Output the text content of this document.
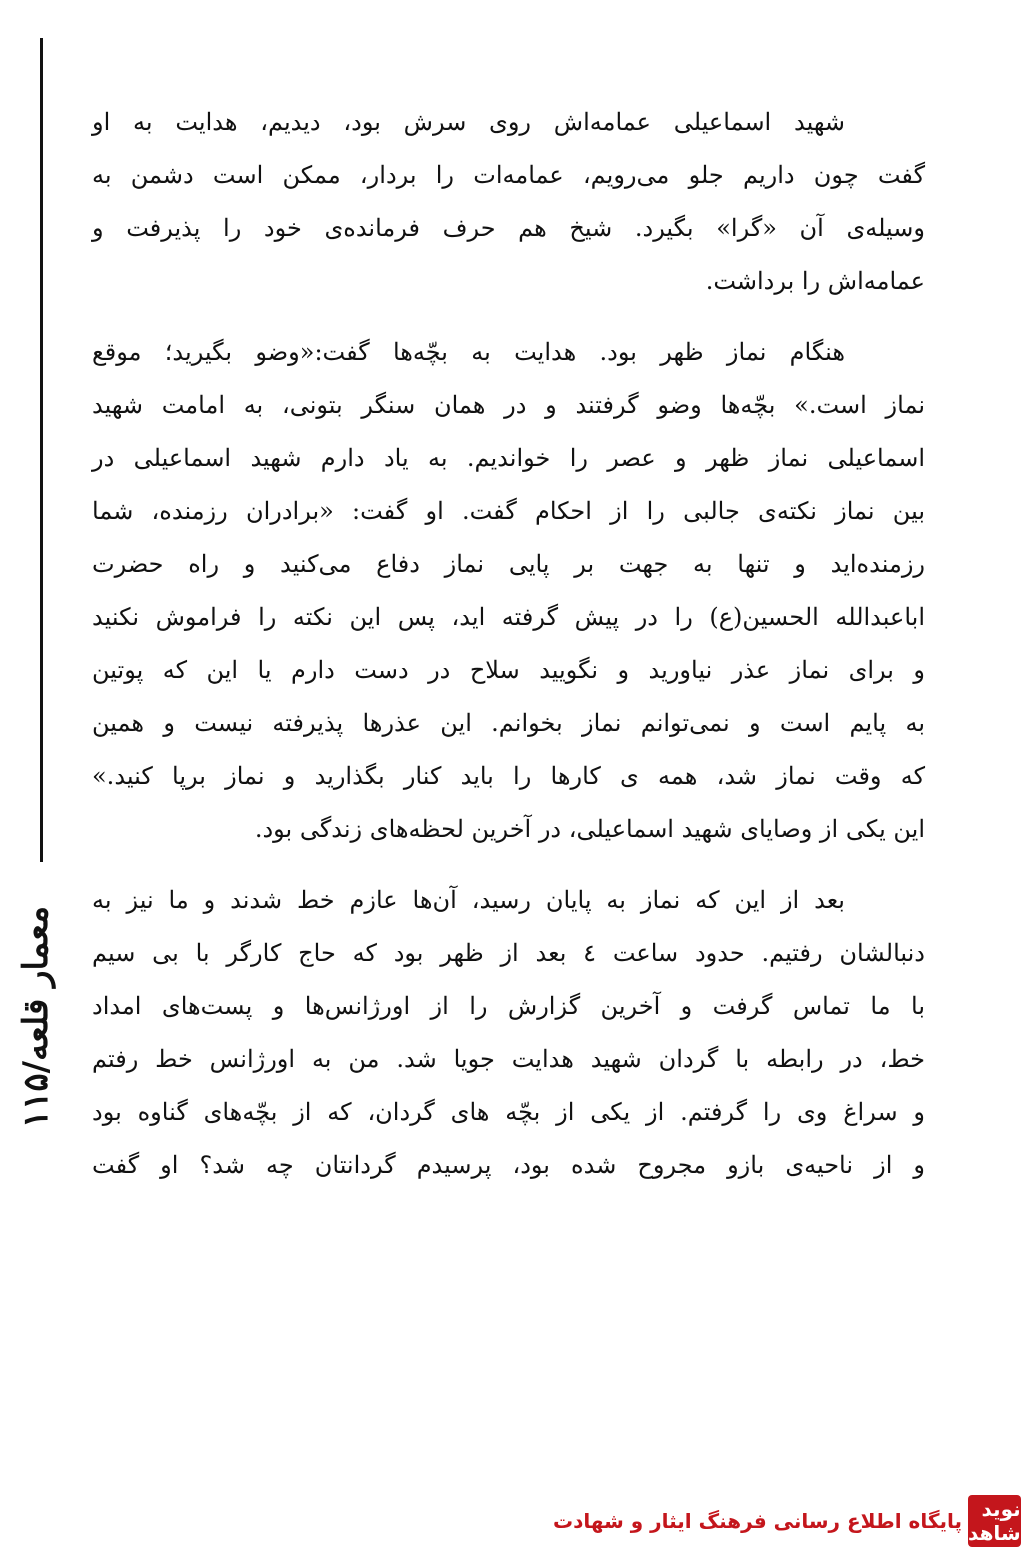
معمار قلعه/۱۱۵
شهید اسماعیلی عمامه‌اش روی سرش بود، دیدیم، هدایت به او
گفت چون داریم جلو می‌رویم، عمامه‌ات را بردار، ممکن است دشمن به
وسیله‌ی آن «گرا» بگیرد. شیخ هم حرف فرمانده‌ی خود را پذیرفت و
عمامه‌اش را برداشت.
هنگام نماز ظهر بود. هدایت به بچّه‌ها گفت:«وضو بگیرید؛ موقع
نماز است.» بچّه‌ها وضو گرفتند و در همان سنگر بتونی، به امامت شهید
اسماعیلی نماز ظهر و عصر را خواندیم. به یاد دارم شهید اسماعیلی در
بین نماز نکته‌ی جالبی را از احکام گفت. او گفت: «برادران رزمنده، شما
رزمنده‌اید و تنها به جهت بر پایی نماز دفاع می‌کنید و راه حضرت
اباعبدالله الحسین(ع) را در پیش گرفته اید، پس این نکته را فراموش نکنید
و برای نماز عذر نیاورید و نگویید سلاح در دست دارم یا این که پوتین
به پایم است و نمی‌توانم نماز بخوانم. این عذرها پذیرفته نیست و همین
که وقت نماز شد، همه ی کارها را باید کنار بگذارید و نماز برپا کنید.»
این یکی از وصایای شهید اسماعیلی، در آخرین لحظه‌های زندگی بود.
بعد از این که نماز به پایان رسید، آن‌ها عازم خط شدند و ما نیز به
دنبالشان رفتیم. حدود ساعت ٤ بعد از ظهر بود که حاج کارگر با بی سیم
با ما تماس گرفت و آخرین گزارش را از اورژانس‌ها و پست‌های امداد
خط، در رابطه با گردان شهید هدایت جویا شد. من به اورژانس خط رفتم
و سراغ وی را گرفتم. از یکی از بچّه های گردان، که از بچّه‌های گناوه بود
و از ناحیه‌ی بازو مجروح شده بود، پرسیدم گردانتان چه شد؟ او گفت
نوید شاهد
پایگاه اطلاع رسانی فرهنگ ایثار و شهادت
